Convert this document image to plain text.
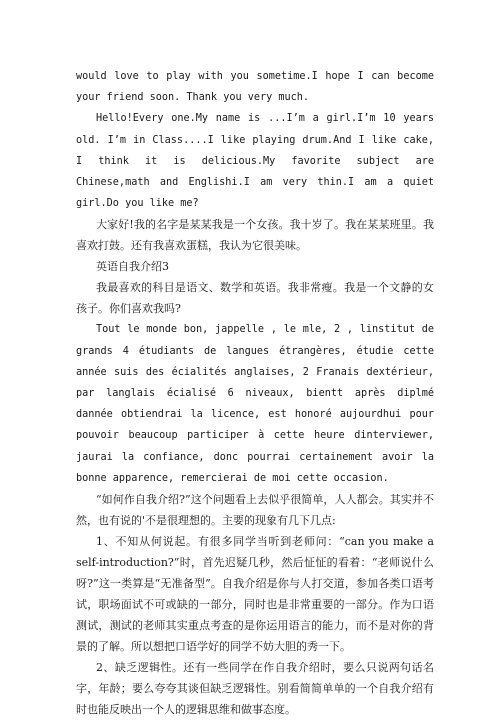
would love to play with you sometime.I hope I can become your friend soon. Thank you very much.

Hello!Every one.My name is ...I’m a girl.I’m 10 years old. I’m in Class....I like playing drum.And I like cake, I think it is delicious.My favorite subject are Chinese,math and Englishi.I am very thin.I am a quiet girl.Do you like me?

大家好!我的名字是某某我是一个女孩。我十岁了。我在某某班里。我喜欢打鼓。还有我喜欢蛋糕，我认为它很美味。

英语自我介绍3

我最喜欢的科目是语文、数学和英语。我非常瘦。我是一个文静的女孩子。你们喜欢我吗?

Tout le monde bon, jappelle , le mle, 2 , linstitut de grands 4 étudiants de langues étrangères, étudie cette année suis des écialités anglaises, 2 Franais dextérieur, par langlais écialisé 6 niveaux, bientt après diplmé dannée obtiendrai la licence, est honoré aujourdhui pour pouvoir beaucoup participer à cette heure dinterviewer, jaurai la confiance, donc pourrai certainement avoir la bonne apparence, remercierai de moi cette occasion.

“如何作自我介绍?”这个问题看上去似乎很简单，人人都会。其实并不然，也有说的'不是很理想的。主要的现象有几下几点:

1、不知从何说起。有很多同学当听到老师问：“can you make a self-introduction?”时，首先迟疑几秒，然后怔怔的看着：“老师说什么呀?”这一类算是“无准备型”。自我介绍是你与人打交道，参加各类口语考试，职场面试不可或缺的一部分，同时也是非常重要的一部分。作为口语测试，测试的老师其实重点考查的是你运用语言的能力，而不是对你的背景的了解。所以想把口语学好的同学不妨大胆的秀一下。

2、缺乏逻辑性。还有一些同学在作自我介绍时，要么只说两句话名字，年龄；要么夸夸其谈但缺乏逻辑性。别看简简单单的一个自我介绍有时也能反映出一个人的逻辑思维和做事态度。
